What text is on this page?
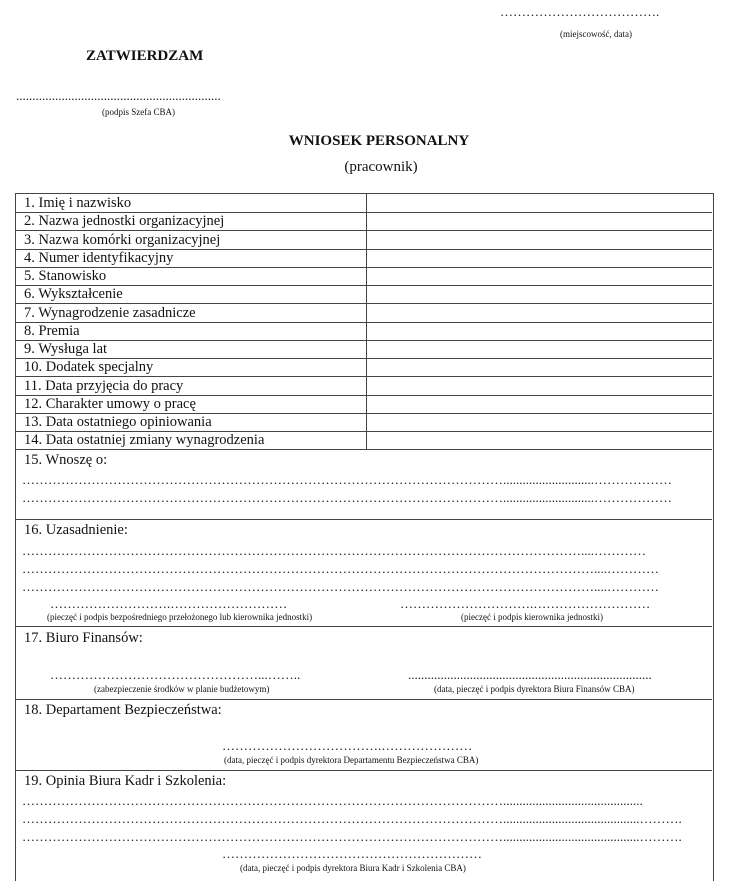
……………………………….
(miejscowość, data)
ZATWIERDZAM
...............................................................
(podpis Szefa CBA)
WNIOSEK PERSONALNY
(pracownik)
1. Imię i nazwisko
2. Nazwa jednostki organizacyjnej
3. Nazwa komórki organizacyjnej
4. Numer identyfikacyjny
5. Stanowisko
6. Wykształcenie
7. Wynagrodzenie zasadnicze
8. Premia
9. Wysługa lat
10. Dodatek specjalny
11. Data przyjęcia do pracy
12. Charakter umowy o pracę
13. Data ostatniego opiniowania
14. Data ostatniej zmiany wynagrodzenia
15. Wnoszę o:
…………………………………………………………………………………………………............................………………
…………………………………………………………………………………………………............................………………
16. Uzasadnienie:
…………………………………………………………………………………………………………………....…………
……………………………………………………………………………………………………………………....…………
……………………………………………………………………………………………………………………....…………
……………………….………………………
(pieczęć i podpis bezpośredniego przełożonego lub kierownika jednostki)
………………………….………………………
(pieczęć i podpis kierownika jednostki)
17. Biuro Finansów:
…………………………………………...……..
(zabezpieczenie środków w planie budżetowym)
...........................................................................
(data, pieczęć i podpis dyrektora Biura Finansów CBA)
18. Departament Bezpieczeństwa:
……………………………….…………………
(data, pieczęć i podpis dyrektora Departamentu Bezpieczeństwa CBA)
19. Opinia Biura Kadr i Szkolenia:
…………………………………………………………………………………………………...........................................
…………………………………………………………………………………………………..........................................……….
…………………………………………………………………………………………………..........................................……….
……………………………………………………
(data, pieczęć i podpis dyrektora Biura Kadr i Szkolenia CBA)
